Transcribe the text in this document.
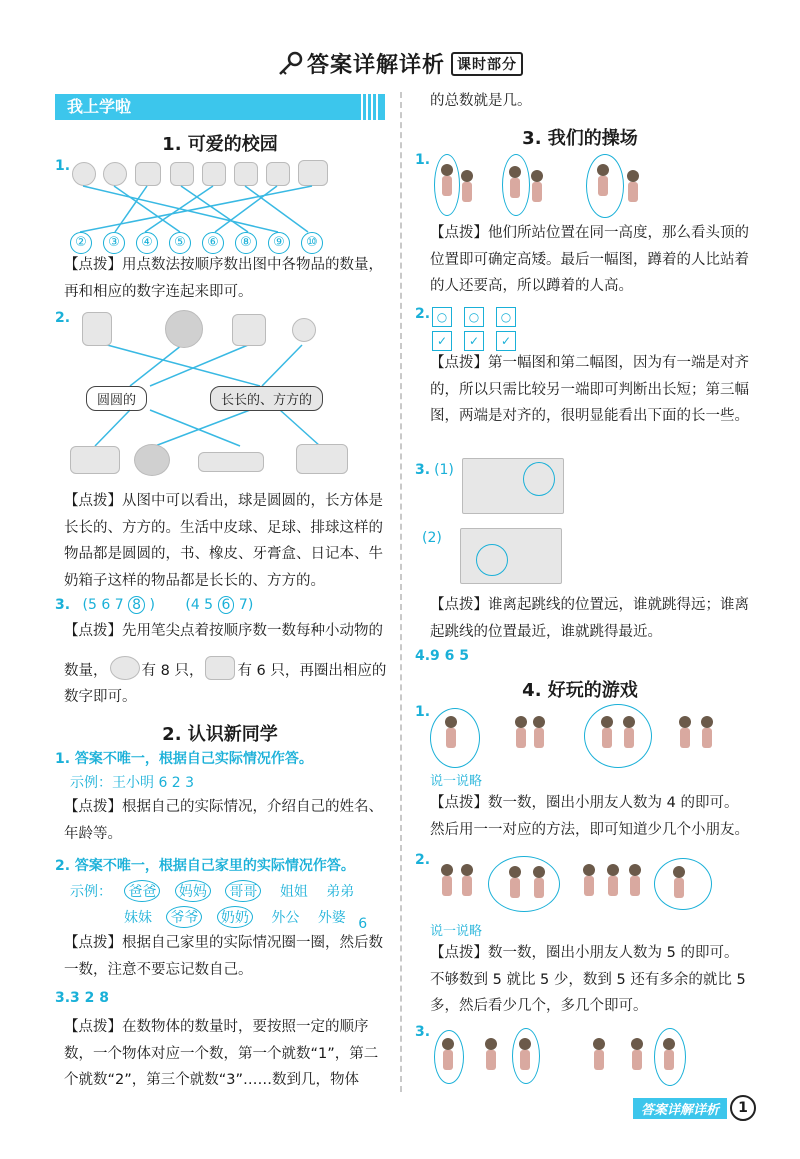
答案详解详析 课时部分
我上学啦
1. 可爱的校园
1.
② ③ ④ ⑤ ⑥ ⑧ ⑨ ⑩
【点拨】用点数法按顺序数出图中各物品的数量，再和相应的数字连起来即可。
2.
圆圆的	长长的、方方的
【点拨】从图中可以看出，球是圆圆的，长方体是长长的、方方的。生活中皮球、足球、排球这样的物品都是圆圆的，书、橡皮、牙膏盒、日记本、牛奶箱子这样的物品都是长长的、方方的。
3. (5 6 7 8 ) (4 5 6 7)
【点拨】先用笔尖点着按顺序数一数每种小动物的
数量， 有 8 只， 有 6 只，再圈出相应的
数字即可。
2. 认识新同学
1. 答案不唯一，根据自己实际情况作答。
示例：王小明 6 2 3
【点拨】根据自己的实际情况，介绍自己的姓名、年龄等。
2. 答案不唯一，根据自己家里的实际情况作答。
示例： 爸爸 妈妈 哥哥 姐姐 弟弟
妹妹 爷爷 奶奶 外公 外婆 6
【点拨】根据自己家里的实际情况圈一圈，然后数一数，注意不要忘记数自己。
3.3 2 8
【点拨】在数物体的数量时，要按照一定的顺序数，一个物体对应一个数，第一个就数“1”，第二个就数“2”，第三个就数“3”……数到几，物体
的总数就是几。
3. 我们的操场
1.
【点拨】他们所站位置在同一高度，那么看头顶的位置即可确定高矮。最后一幅图，蹲着的人比站着的人还要高，所以蹲着的人高。
2. ○ ○ ○
✓ ✓ ✓
【点拨】第一幅图和第二幅图，因为有一端是对齐的，所以只需比较另一端即可判断出长短；第三幅图，两端是对齐的，很明显能看出下面的长一些。
3. (1)
(2)
【点拨】谁离起跳线的位置远，谁就跳得远；谁离起跳线的位置最近，谁就跳得最近。
4.9 6 5
4. 好玩的游戏
1.
说一说略
【点拨】数一数，圈出小朋友人数为 4 的即可。然后用一一对应的方法，即可知道少几个小朋友。
2.
说一说略
【点拨】数一数，圈出小朋友人数为 5 的即可。不够数到 5 就比 5 少，数到 5 还有多余的就比 5 多，然后看少几个，多几个即可。
3.
答案详解详析 1
